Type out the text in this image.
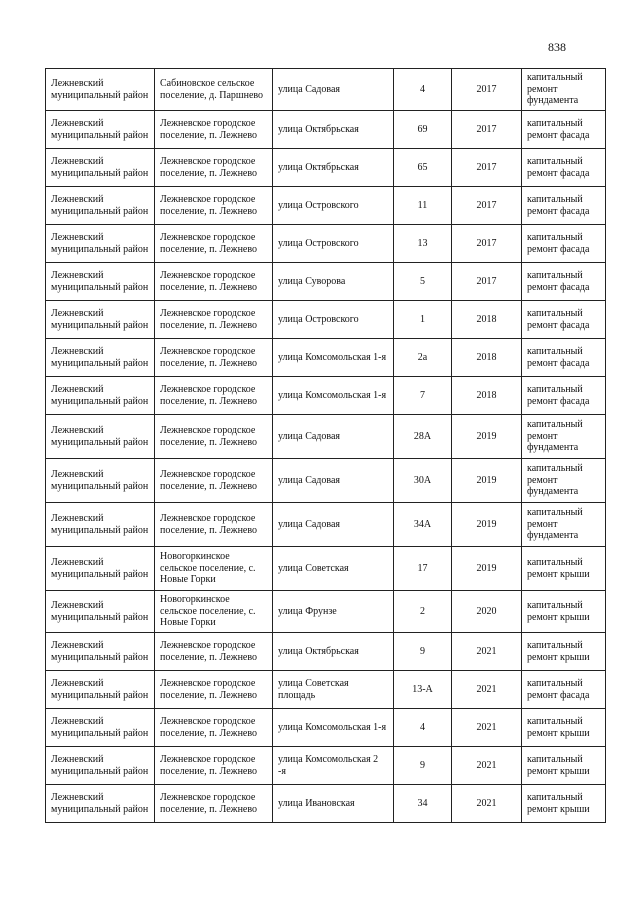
838
Лежневский муниципальный район	Сабиновское сельское поселение, д. Паршнево	улица Садовая	4	2017	капитальный ремонт фундамента
Лежневский муниципальный район	Лежневское городское поселение, п. Лежнево	улица Октябрьская	69	2017	капитальный ремонт фасада
Лежневский муниципальный район	Лежневское городское поселение, п. Лежнево	улица Октябрьская	65	2017	капитальный ремонт фасада
Лежневский муниципальный район	Лежневское городское поселение, п. Лежнево	улица Островского	11	2017	капитальный ремонт фасада
Лежневский муниципальный район	Лежневское городское поселение, п. Лежнево	улица Островского	13	2017	капитальный ремонт фасада
Лежневский муниципальный район	Лежневское городское поселение, п. Лежнево	улица Суворова	5	2017	капитальный ремонт фасада
Лежневский муниципальный район	Лежневское городское поселение, п. Лежнево	улица Островского	1	2018	капитальный ремонт фасада
Лежневский муниципальный район	Лежневское городское поселение, п. Лежнево	улица Комсомольская 1-я	2а	2018	капитальный ремонт фасада
Лежневский муниципальный район	Лежневское городское поселение, п. Лежнево	улица Комсомольская 1-я	7	2018	капитальный ремонт фасада
Лежневский муниципальный район	Лежневское городское поселение, п. Лежнево	улица Садовая	28А	2019	капитальный ремонт фундамента
Лежневский муниципальный район	Лежневское городское поселение, п. Лежнево	улица Садовая	30А	2019	капитальный ремонт фундамента
Лежневский муниципальный район	Лежневское городское поселение, п. Лежнево	улица Садовая	34А	2019	капитальный ремонт фундамента
Лежневский муниципальный район	Новогоркинское сельское поселение, с. Новые Горки	улица Советская	17	2019	капитальный ремонт крыши
Лежневский муниципальный район	Новогоркинское сельское поселение, с. Новые Горки	улица Фрунзе	2	2020	капитальный ремонт крыши
Лежневский муниципальный район	Лежневское городское поселение, п. Лежнево	улица Октябрьская	9	2021	капитальный ремонт крыши
Лежневский муниципальный район	Лежневское городское поселение, п. Лежнево	улица Советская площадь	13-А	2021	капитальный ремонт фасада
Лежневский муниципальный район	Лежневское городское поселение, п. Лежнево	улица Комсомольская 1-я	4	2021	капитальный ремонт крыши
Лежневский муниципальный район	Лежневское городское поселение, п. Лежнево	улица Комсомольская 2 -я	9	2021	капитальный ремонт крыши
Лежневский муниципальный район	Лежневское городское поселение, п. Лежнево	улица Ивановская	34	2021	капитальный ремонт крыши
